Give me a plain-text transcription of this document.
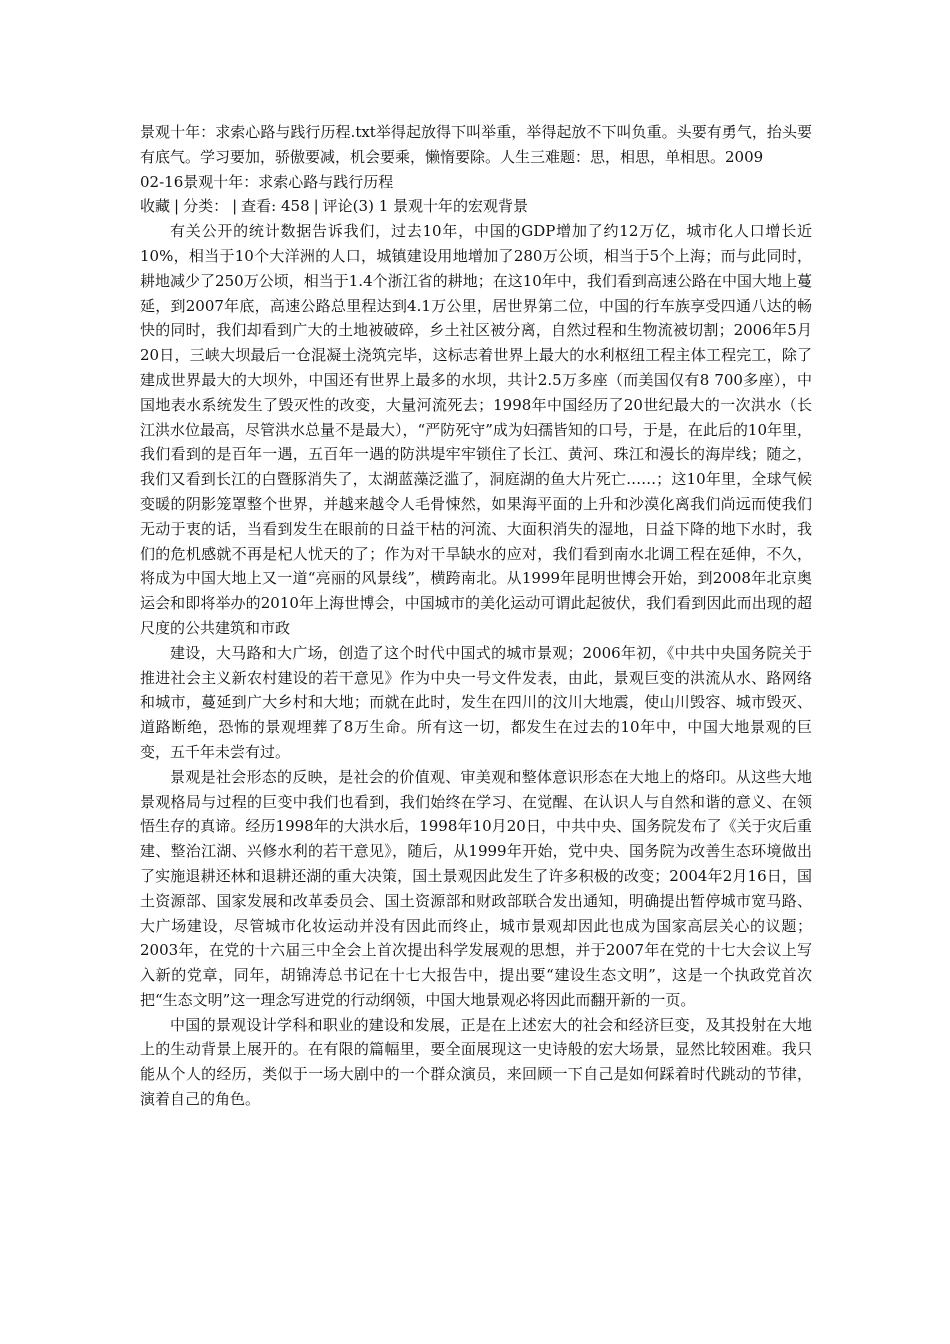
景观十年：求索心路与践行历程.txt举得起放得下叫举重，举得起放不下叫负重。头要有勇气，抬头要有底气。学习要加，骄傲要减，机会要乘，懒惰要除。人生三难题：思，相思，单相思。2009

02-16景观十年：求索心路与践行历程

收藏 | 分类： | 查看: 458 | 评论(3) 1 景观十年的宏观背景

有关公开的统计数据告诉我们，过去10年，中国的GDP增加了约12万亿，城市化人口增长近10%，相当于10个大洋洲的人口，城镇建设用地增加了280万公顷，相当于5个上海；而与此同时，耕地减少了250万公顷，相当于1.4个浙江省的耕地；在这10年中，我们看到高速公路在中国大地上蔓延，到2007年底，高速公路总里程达到4.1万公里，居世界第二位，中国的行车族享受四通八达的畅快的同时，我们却看到广大的土地被破碎，乡土社区被分离，自然过程和生物流被切割；2006年5月20日，三峡大坝最后一仓混凝土浇筑完毕，这标志着世界上最大的水利枢纽工程主体工程完工，除了建成世界最大的大坝外，中国还有世界上最多的水坝，共计2.5万多座（而美国仅有8 700多座），中国地表水系统发生了毁灭性的改变，大量河流死去；1998年中国经历了20世纪最大的一次洪水（长江洪水位最高，尽管洪水总量不是最大），“严防死守”成为妇孺皆知的口号，于是，在此后的10年里，我们看到的是百年一遇，五百年一遇的防洪堤牢牢锁住了长江、黄河、珠江和漫长的海岸线；随之，我们又看到长江的白暨豚消失了，太湖蓝藻泛滥了，洞庭湖的鱼大片死亡……；这10年里，全球气候变暖的阴影笼罩整个世界，并越来越令人毛骨悚然，如果海平面的上升和沙漠化离我们尚远而使我们无动于衷的话，当看到发生在眼前的日益干枯的河流、大面积消失的湿地，日益下降的地下水时，我们的危机感就不再是杞人忧天的了；作为对干旱缺水的应对，我们看到南水北调工程在延伸，不久，将成为中国大地上又一道“亮丽的风景线”，横跨南北。从1999年昆明世博会开始，到2008年北京奥运会和即将举办的2010年上海世博会，中国城市的美化运动可谓此起彼伏，我们看到因此而出现的超尺度的公共建筑和市政

建设，大马路和大广场，创造了这个时代中国式的城市景观；2006年初，《中共中央国务院关于推进社会主义新农村建设的若干意见》作为中央一号文件发表，由此，景观巨变的洪流从水、路网络和城市，蔓延到广大乡村和大地；而就在此时，发生在四川的汶川大地震，使山川毁容、城市毁灭、道路断绝，恐怖的景观埋葬了8万生命。所有这一切，都发生在过去的10年中，中国大地景观的巨变，五千年未尝有过。

景观是社会形态的反映，是社会的价值观、审美观和整体意识形态在大地上的烙印。从这些大地景观格局与过程的巨变中我们也看到，我们始终在学习、在觉醒、在认识人与自然和谐的意义、在领悟生存的真谛。经历1998年的大洪水后，1998年10月20日，中共中央、国务院发布了《关于灾后重建、整治江湖、兴修水利的若干意见》，随后，从1999年开始，党中央、国务院为改善生态环境做出了实施退耕还林和退耕还湖的重大决策，国土景观因此发生了许多积极的改变；2004年2月16日，国土资源部、国家发展和改革委员会、国土资源部和财政部联合发出通知，明确提出暂停城市宽马路、大广场建设，尽管城市化妆运动并没有因此而终止，城市景观却因此也成为国家高层关心的议题；2003年，在党的十六届三中全会上首次提出科学发展观的思想，并于2007年在党的十七大会议上写入新的党章，同年，胡锦涛总书记在十七大报告中，提出要“建设生态文明”，这是一个执政党首次把“生态文明”这一理念写进党的行动纲领，中国大地景观必将因此而翻开新的一页。

中国的景观设计学科和职业的建设和发展，正是在上述宏大的社会和经济巨变，及其投射在大地上的生动背景上展开的。在有限的篇幅里，要全面展现这一史诗般的宏大场景，显然比较困难。我只能从个人的经历，类似于一场大剧中的一个群众演员，来回顾一下自己是如何踩着时代跳动的节律，演着自己的角色。
